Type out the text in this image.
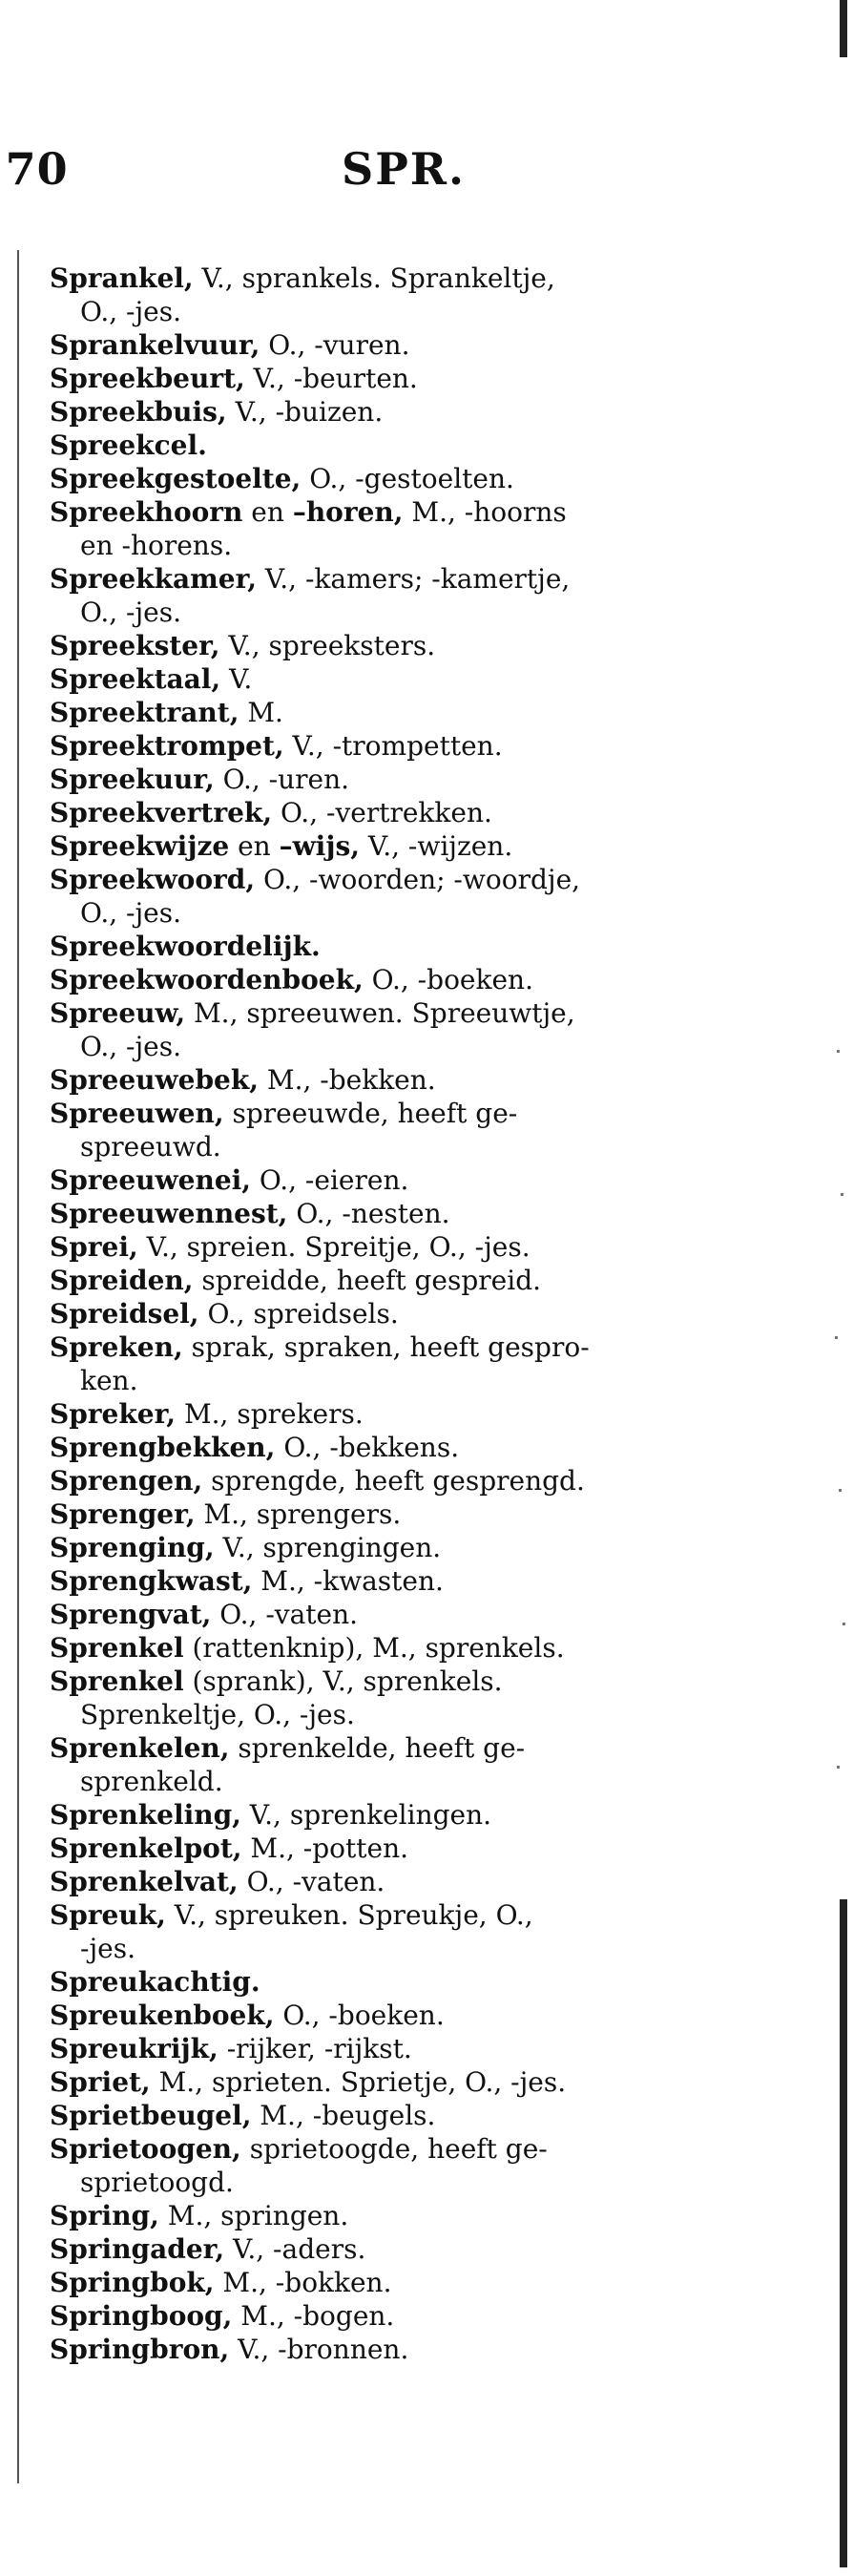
 70	SPR.
Sprankel, V., sprankels. Sprankeltje,
O., -jes.
Sprankelvuur, O., -vuren.
Spreekbeurt, V., -beurten.
Spreekbuis, V., -buizen.
Spreekcel.
Spreekgestoelte, O., -gestoelten.
Spreekhoorn en –horen, M., -hoorns
en -horens.
Spreekkamer, V., -kamers; -kamertje,
O., -jes.
Spreekster, V., spreeksters.
Spreektaal, V.
Spreektrant, M.
Spreektrompet, V., -trompetten.
Spreekuur, O., -uren.
Spreekvertrek, O., -vertrekken.
Spreekwijze en –wijs, V., -wijzen.
Spreekwoord, O., -woorden; -woordje,
O., -jes.
Spreekwoordelijk.
Spreekwoordenboek, O., -boeken.
Spreeuw, M., spreeuwen. Spreeuwtje,
O., -jes.
Spreeuwebek, M., -bekken.
Spreeuwen, spreeuwde, heeft ge-
spreeuwd.
Spreeuwenei, O., -eieren.
Spreeuwennest, O., -nesten.
Sprei, V., spreien. Spreitje, O., -jes.
Spreiden, spreidde, heeft gespreid.
Spreidsel, O., spreidsels.
Spreken, sprak, spraken, heeft gespro-
ken.
Spreker, M., sprekers.
Sprengbekken, O., -bekkens.
Sprengen, sprengde, heeft gesprengd.
Sprenger, M., sprengers.
Sprenging, V., sprengingen.
Sprengkwast, M., -kwasten.
Sprengvat, O., -vaten.
Sprenkel (rattenknip), M., sprenkels.
Sprenkel (sprank), V., sprenkels.
Sprenkeltje, O., -jes.
Sprenkelen, sprenkelde, heeft ge-
sprenkeld.
Sprenkeling, V., sprenkelingen.
Sprenkelpot, M., -potten.
Sprenkelvat, O., -vaten.
Spreuk, V., spreuken. Spreukje, O.,
-jes.
Spreukachtig.
Spreukenboek, O., -boeken.
Spreukrijk, -rijker, -rijkst.
Spriet, M., sprieten. Sprietje, O., -jes.
Sprietbeugel, M., -beugels.
Sprietoogen, sprietoogde, heeft ge-
sprietoogd.
Spring, M., springen.
Springader, V., -aders.
Springbok, M., -bokken.
Springboog, M., -bogen.
Springbron, V., -bronnen.
